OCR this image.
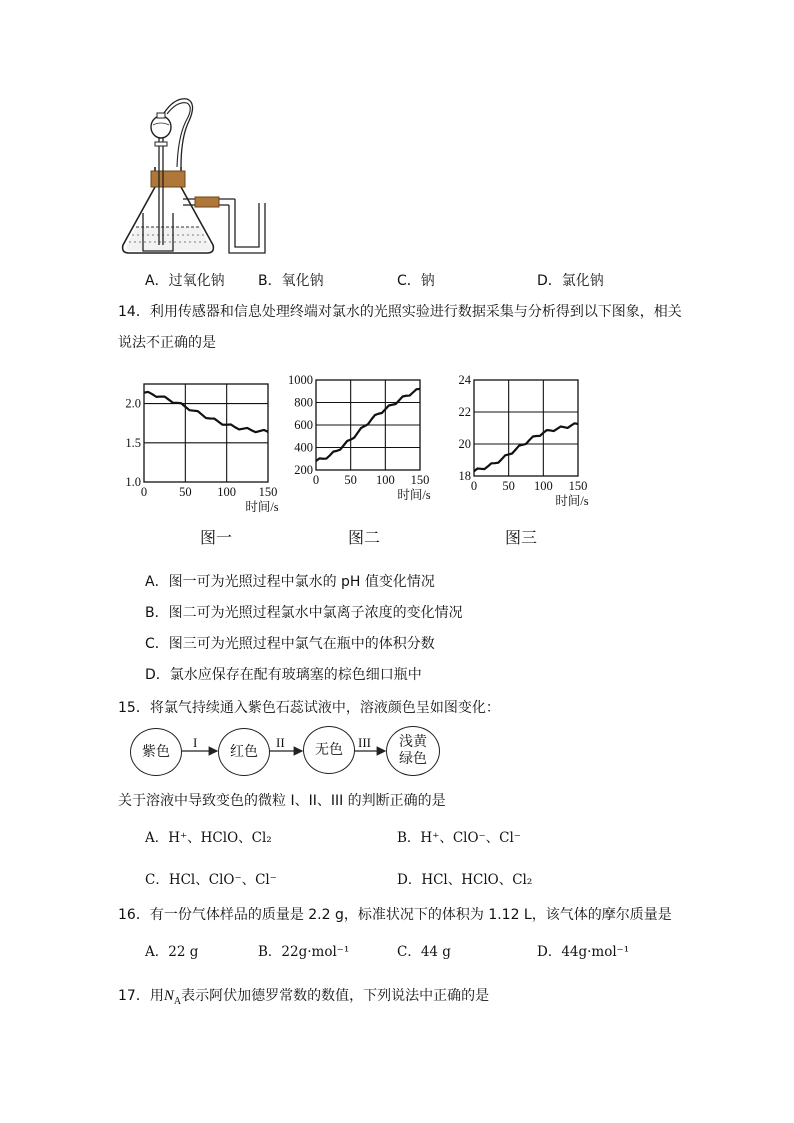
A．过氧化钠 B．氧化钠	C．钠	D．氯化钠
14．利用传感器和信息处理终端对氯水的光照实验进行数据采集与分析得到以下图象，相关
说法不正确的是
0	50 100 150
1.0
1.5
2.0
时间/s
0 50 100 150
200
400
600
800
1000
时间/s
0 50 100 150
18
20
22
24
时间/s
图一	图二	图三
A．图一可为光照过程中氯水的 pH 值变化情况
B．图二可为光照过程氯水中氯离子浓度的变化情况
C．图三可为光照过程中氯气在瓶中的体积分数
D．氯水应保存在配有玻璃塞的棕色细口瓶中
15．将氯气持续通入紫色石蕊试液中，溶液颜色呈如图变化：
紫色	红色	无色	浅黄
绿色
I	II	III
关于溶液中导致变色的微粒 I、II、III 的判断正确的是
A．H⁺、HClO、Cl₂	B．H⁺、ClO⁻、Cl⁻
C．HCl、ClO⁻、Cl⁻	D．HCl、HClO、Cl₂
16．有一份气体样品的质量是 2.2 g，标准状况下的体积为 1.12 L，该气体的摩尔质量是
A．22 g	B．22g·mol⁻¹	C．44 g	D．44g·mol⁻¹
17．用$N_A$表示阿伏加德罗常数的数值，下列说法中正确的是
